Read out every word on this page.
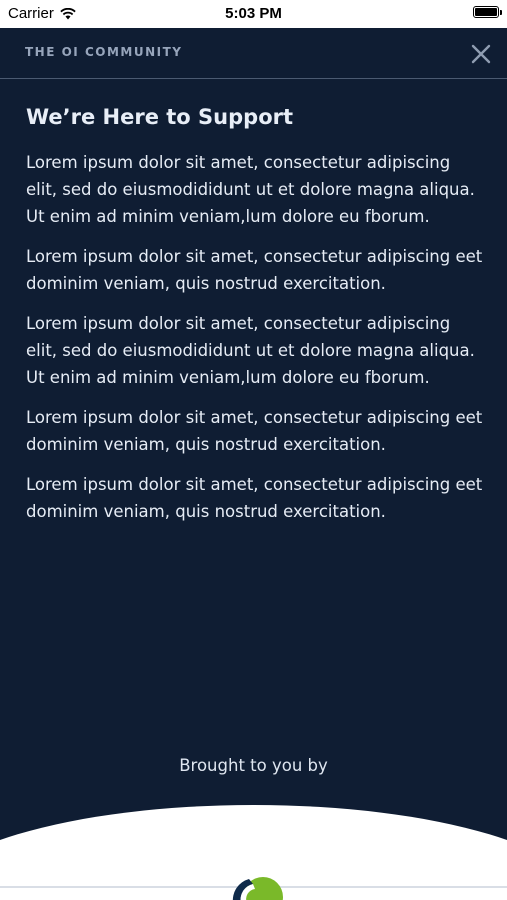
Carrier	5:03 PM
THE OI COMMUNITY
We’re Here to Support

Lorem ipsum dolor sit amet, consectetur adipiscing elit, sed do eiusmodididunt ut et dolore magna aliqua. Ut enim ad minim veniam,lum dolore eu fborum.

Lorem ipsum dolor sit amet, consectetur adipiscing eet dominim veniam, quis nostrud exercitation.

Lorem ipsum dolor sit amet, consectetur adipiscing elit, sed do eiusmodididunt ut et dolore magna aliqua. Ut enim ad minim veniam,lum dolore eu fborum.

Lorem ipsum dolor sit amet, consectetur adipiscing eet dominim veniam, quis nostrud exercitation.

Lorem ipsum dolor sit amet, consectetur adipiscing eet dominim veniam, quis nostrud exercitation.

Brought to you by
